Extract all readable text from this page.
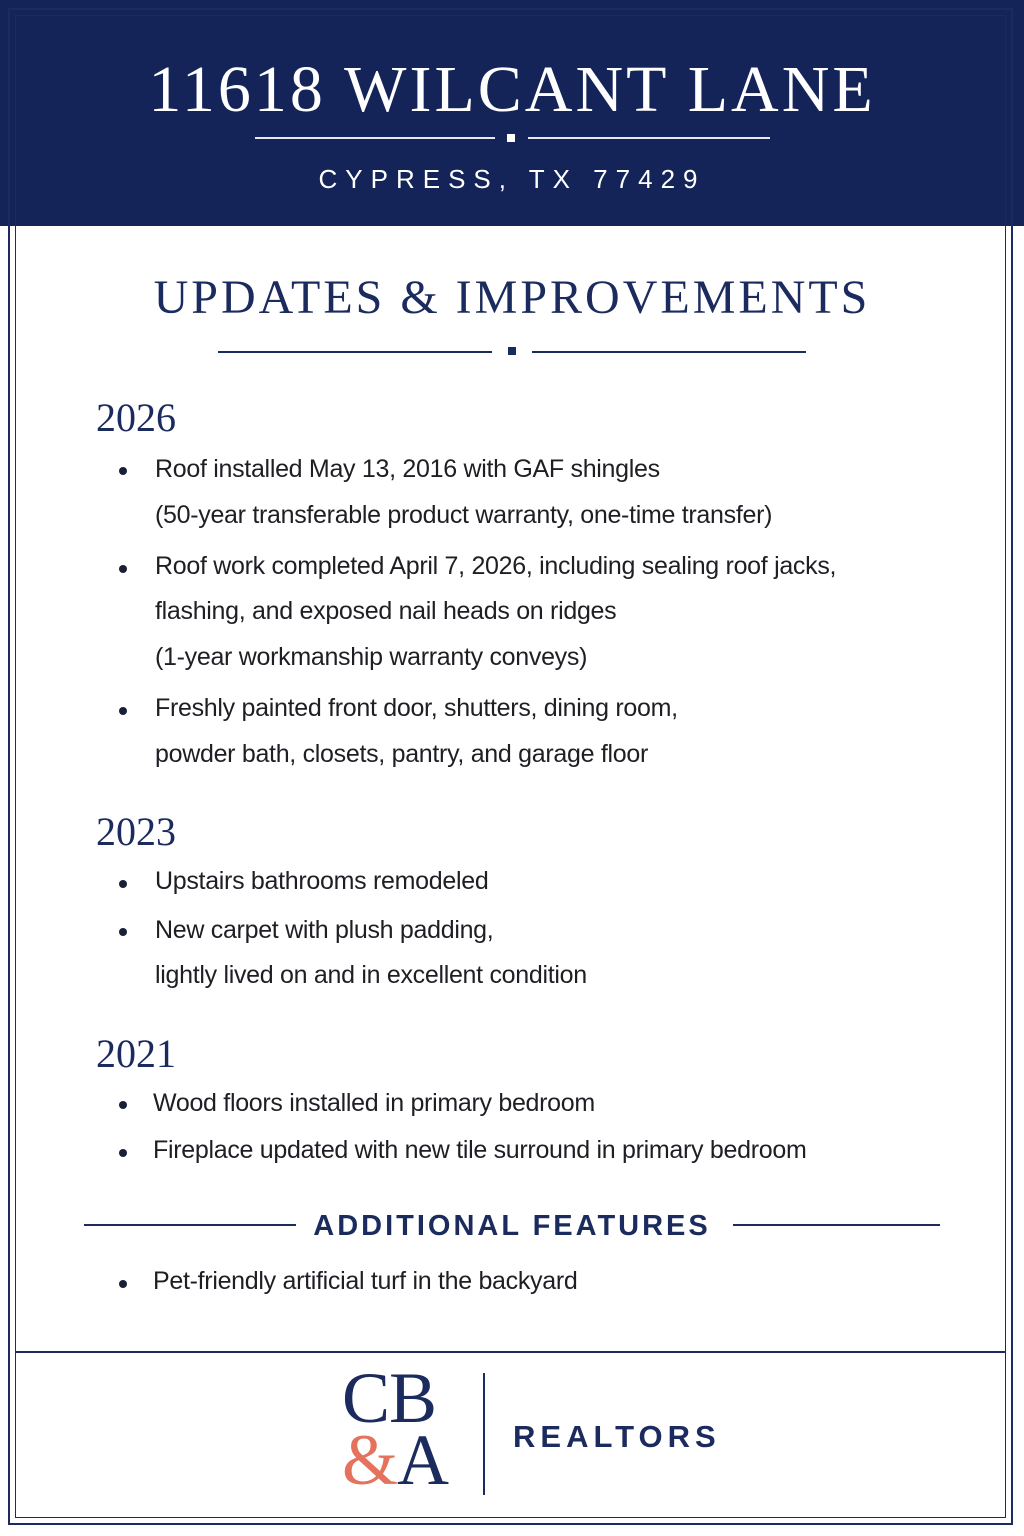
11618 WILCANT LANE
CYPRESS, TX 77429
UPDATES & IMPROVEMENTS
2026
Roof installed May 13, 2016 with GAF shingles
(50-year transferable product warranty, one-time transfer)
Roof work completed April 7, 2026, including sealing roof jacks,
flashing, and exposed nail heads on ridges
(1-year workmanship warranty conveys)
Freshly painted front door, shutters, dining room,
powder bath, closets, pantry, and garage floor
2023
Upstairs bathrooms remodeled
New carpet with plush padding,
lightly lived on and in excellent condition
2021
Wood floors installed in primary bedroom
Fireplace updated with new tile surround in primary bedroom
ADDITIONAL FEATURES
Pet-friendly artificial turf in the backyard
CB
&
A REALTORS
